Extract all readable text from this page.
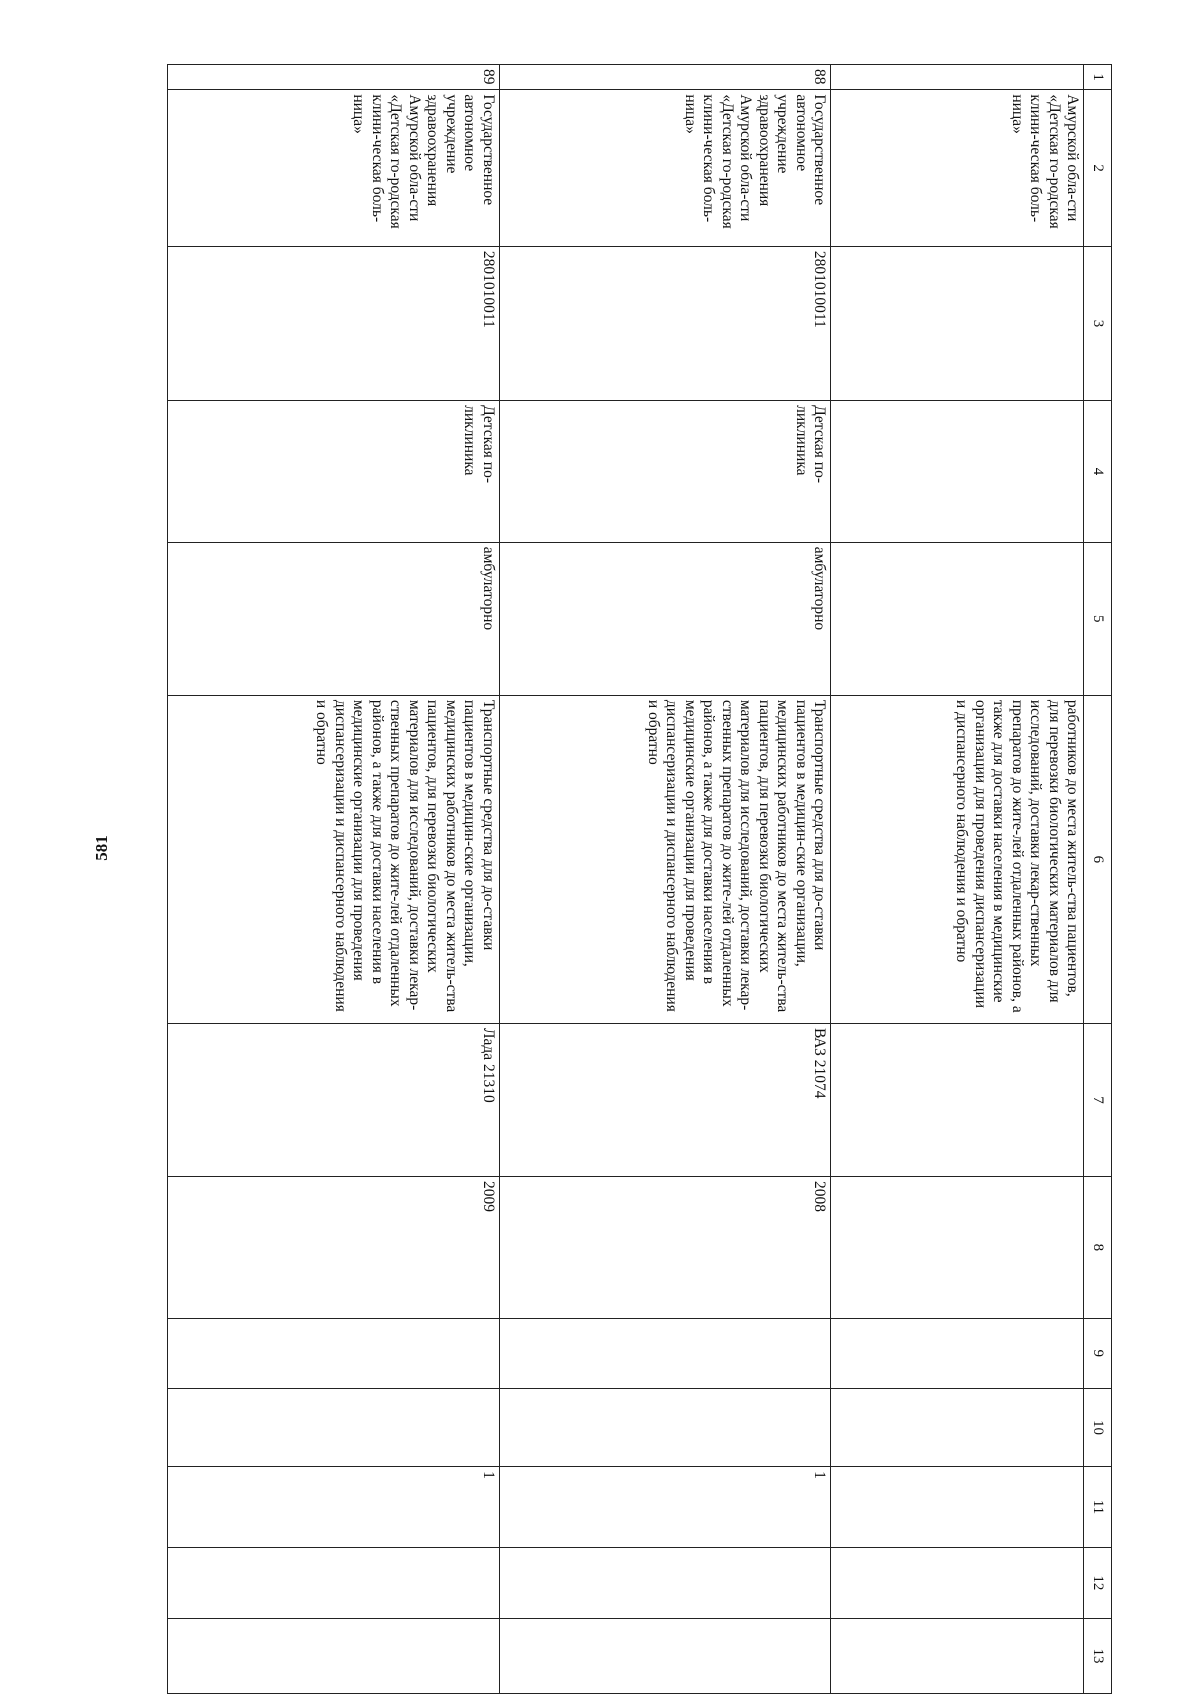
581
1	2	3	4	5	6	7	8	9	10	11	12	13
	Амурской обла-сти «Детская го-родская клини-ческая боль-ница»				работников до места житель-ства пациентов, для перевозки биологических материалов для исследований, доставки лекар-ственных препаратов до жите-лей отдаленных районов, а также для доставки населения в медицинские организации для проведения диспансеризации и диспансерного наблюдения и обратно							
88	Государственное автономное учреждение здравоохранения Амурской обла-сти «Детская го-родская клини-ческая боль-ница»	2801010011	Детская по-ликлиника	амбулаторно	Транспортные средства для до-ставки пациентов в медицин-ские организации, медицинских работников до места житель-ства пациентов, для перевозки биологических материалов для исследований, доставки лекар-ственных препаратов до жите-лей отдаленных районов, а также для доставки населения в медицинские организации для проведения диспансеризации и диспансерного наблюдения и обратно	ВАЗ 21074	2008			1		
89	Государственное автономное учреждение здравоохранения Амурской обла-сти «Детская го-родская клини-ческая боль-ница»	2801010011	Детская по-ликлиника	амбулаторно	Транспортные средства для до-ставки пациентов в медицин-ские организации, медицинских работников до места житель-ства пациентов, для перевозки биологических материалов для исследований, доставки лекар-ственных препаратов до жите-лей отдаленных районов, а также для доставки населения в медицинские организации для проведения диспансеризации и диспансерного наблюдения и обратно	Лада 21310	2009			1		
